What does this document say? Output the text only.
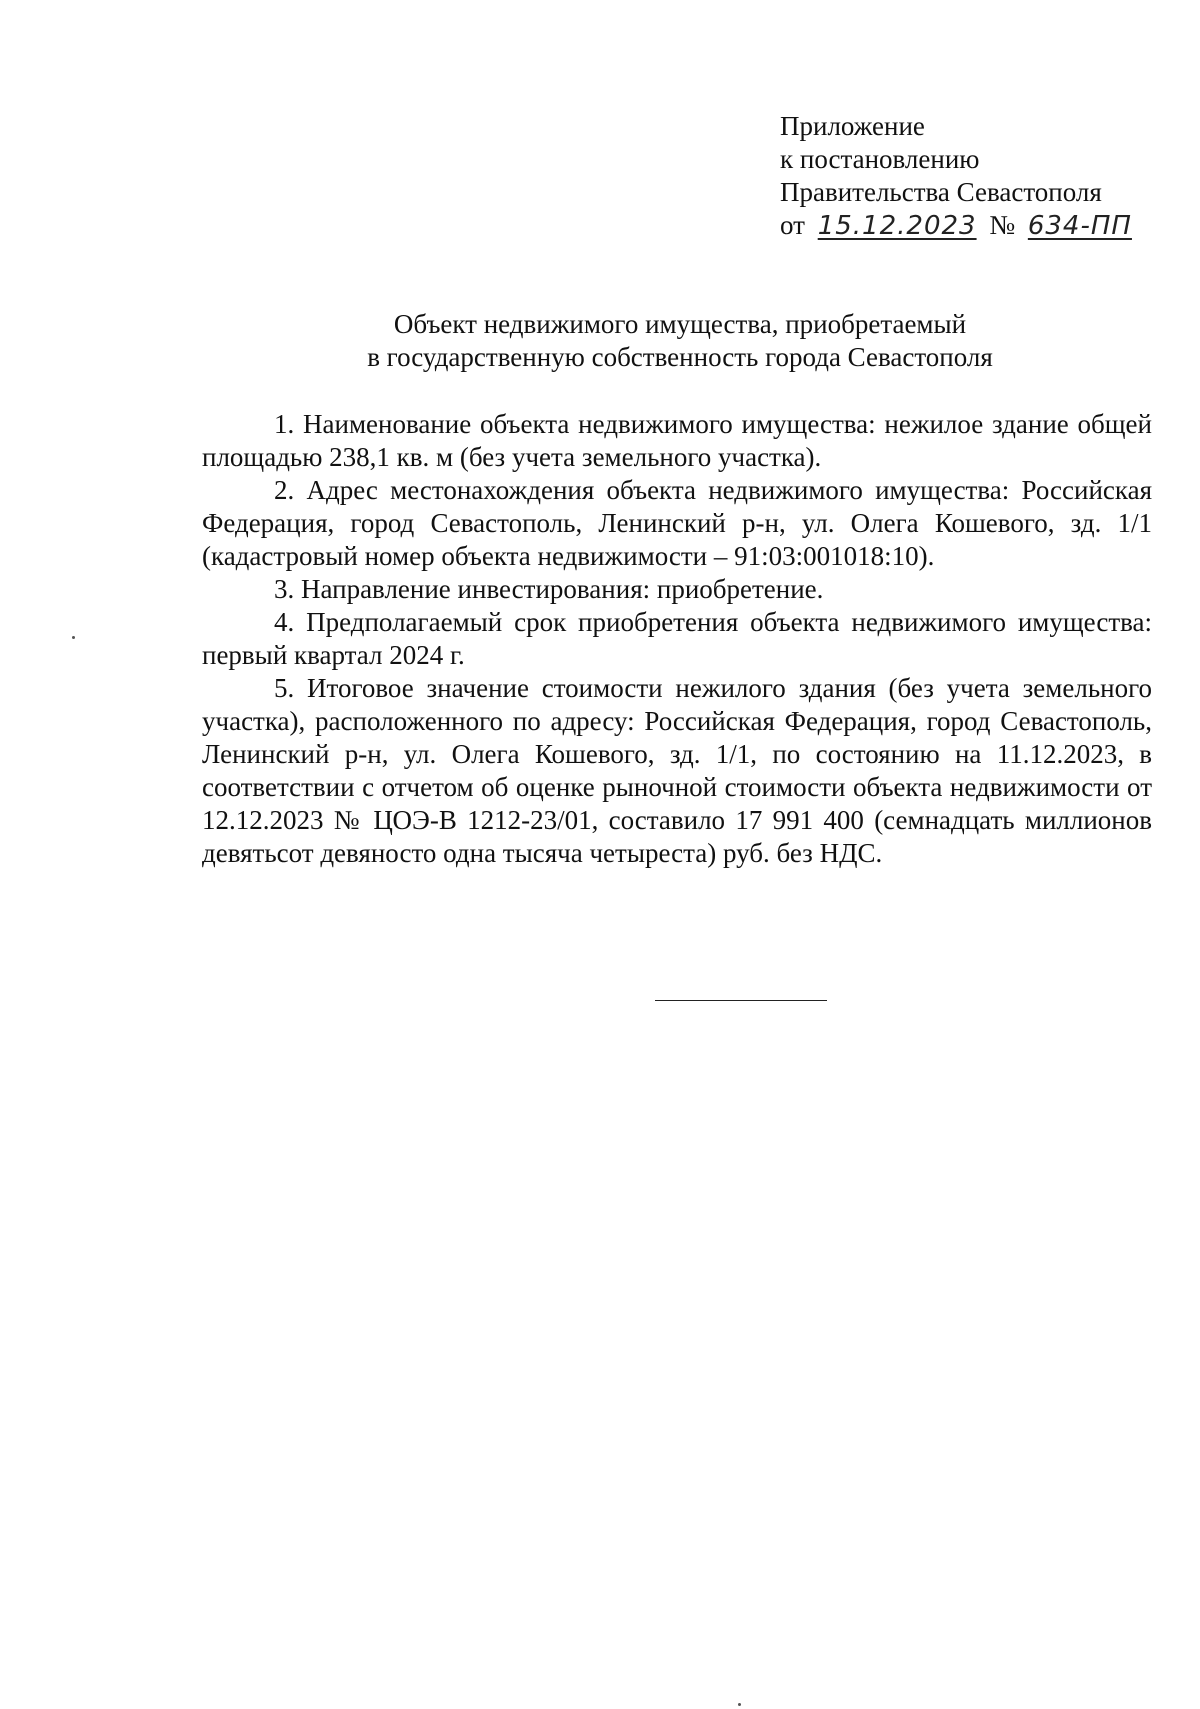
Приложение
к постановлению
Правительства Севастополя
от 15.12.2023 № 634-ПП
Объект недвижимого имущества, приобретаемый
в государственную собственность города Севастополя

1. Наименование объекта недвижимого имущества: нежилое здание общей площадью 238,1 кв. м (без учета земельного участка).

2. Адрес местонахождения объекта недвижимого имущества: Российская Федерация, город Севастополь, Ленинский р-н, ул. Олега Кошевого, зд. 1/1 (кадастровый номер объекта недвижимости – 91:03:001018:10).

3. Направление инвестирования: приобретение.

4. Предполагаемый срок приобретения объекта недвижимого имущества: первый квартал 2024 г.

5. Итоговое значение стоимости нежилого здания (без учета земельного участка), расположенного по адресу: Российская Федерация, город Севастополь, Ленинский р-н, ул. Олега Кошевого, зд. 1/1, по состоянию на 11.12.2023, в соответствии с отчетом об оценке рыночной стоимости объекта недвижимости от 12.12.2023 № ЦОЭ-В 1212-23/01, составило 17 991 400 (семнадцать миллионов девятьсот девяносто одна тысяча четыреста) руб. без НДС.
